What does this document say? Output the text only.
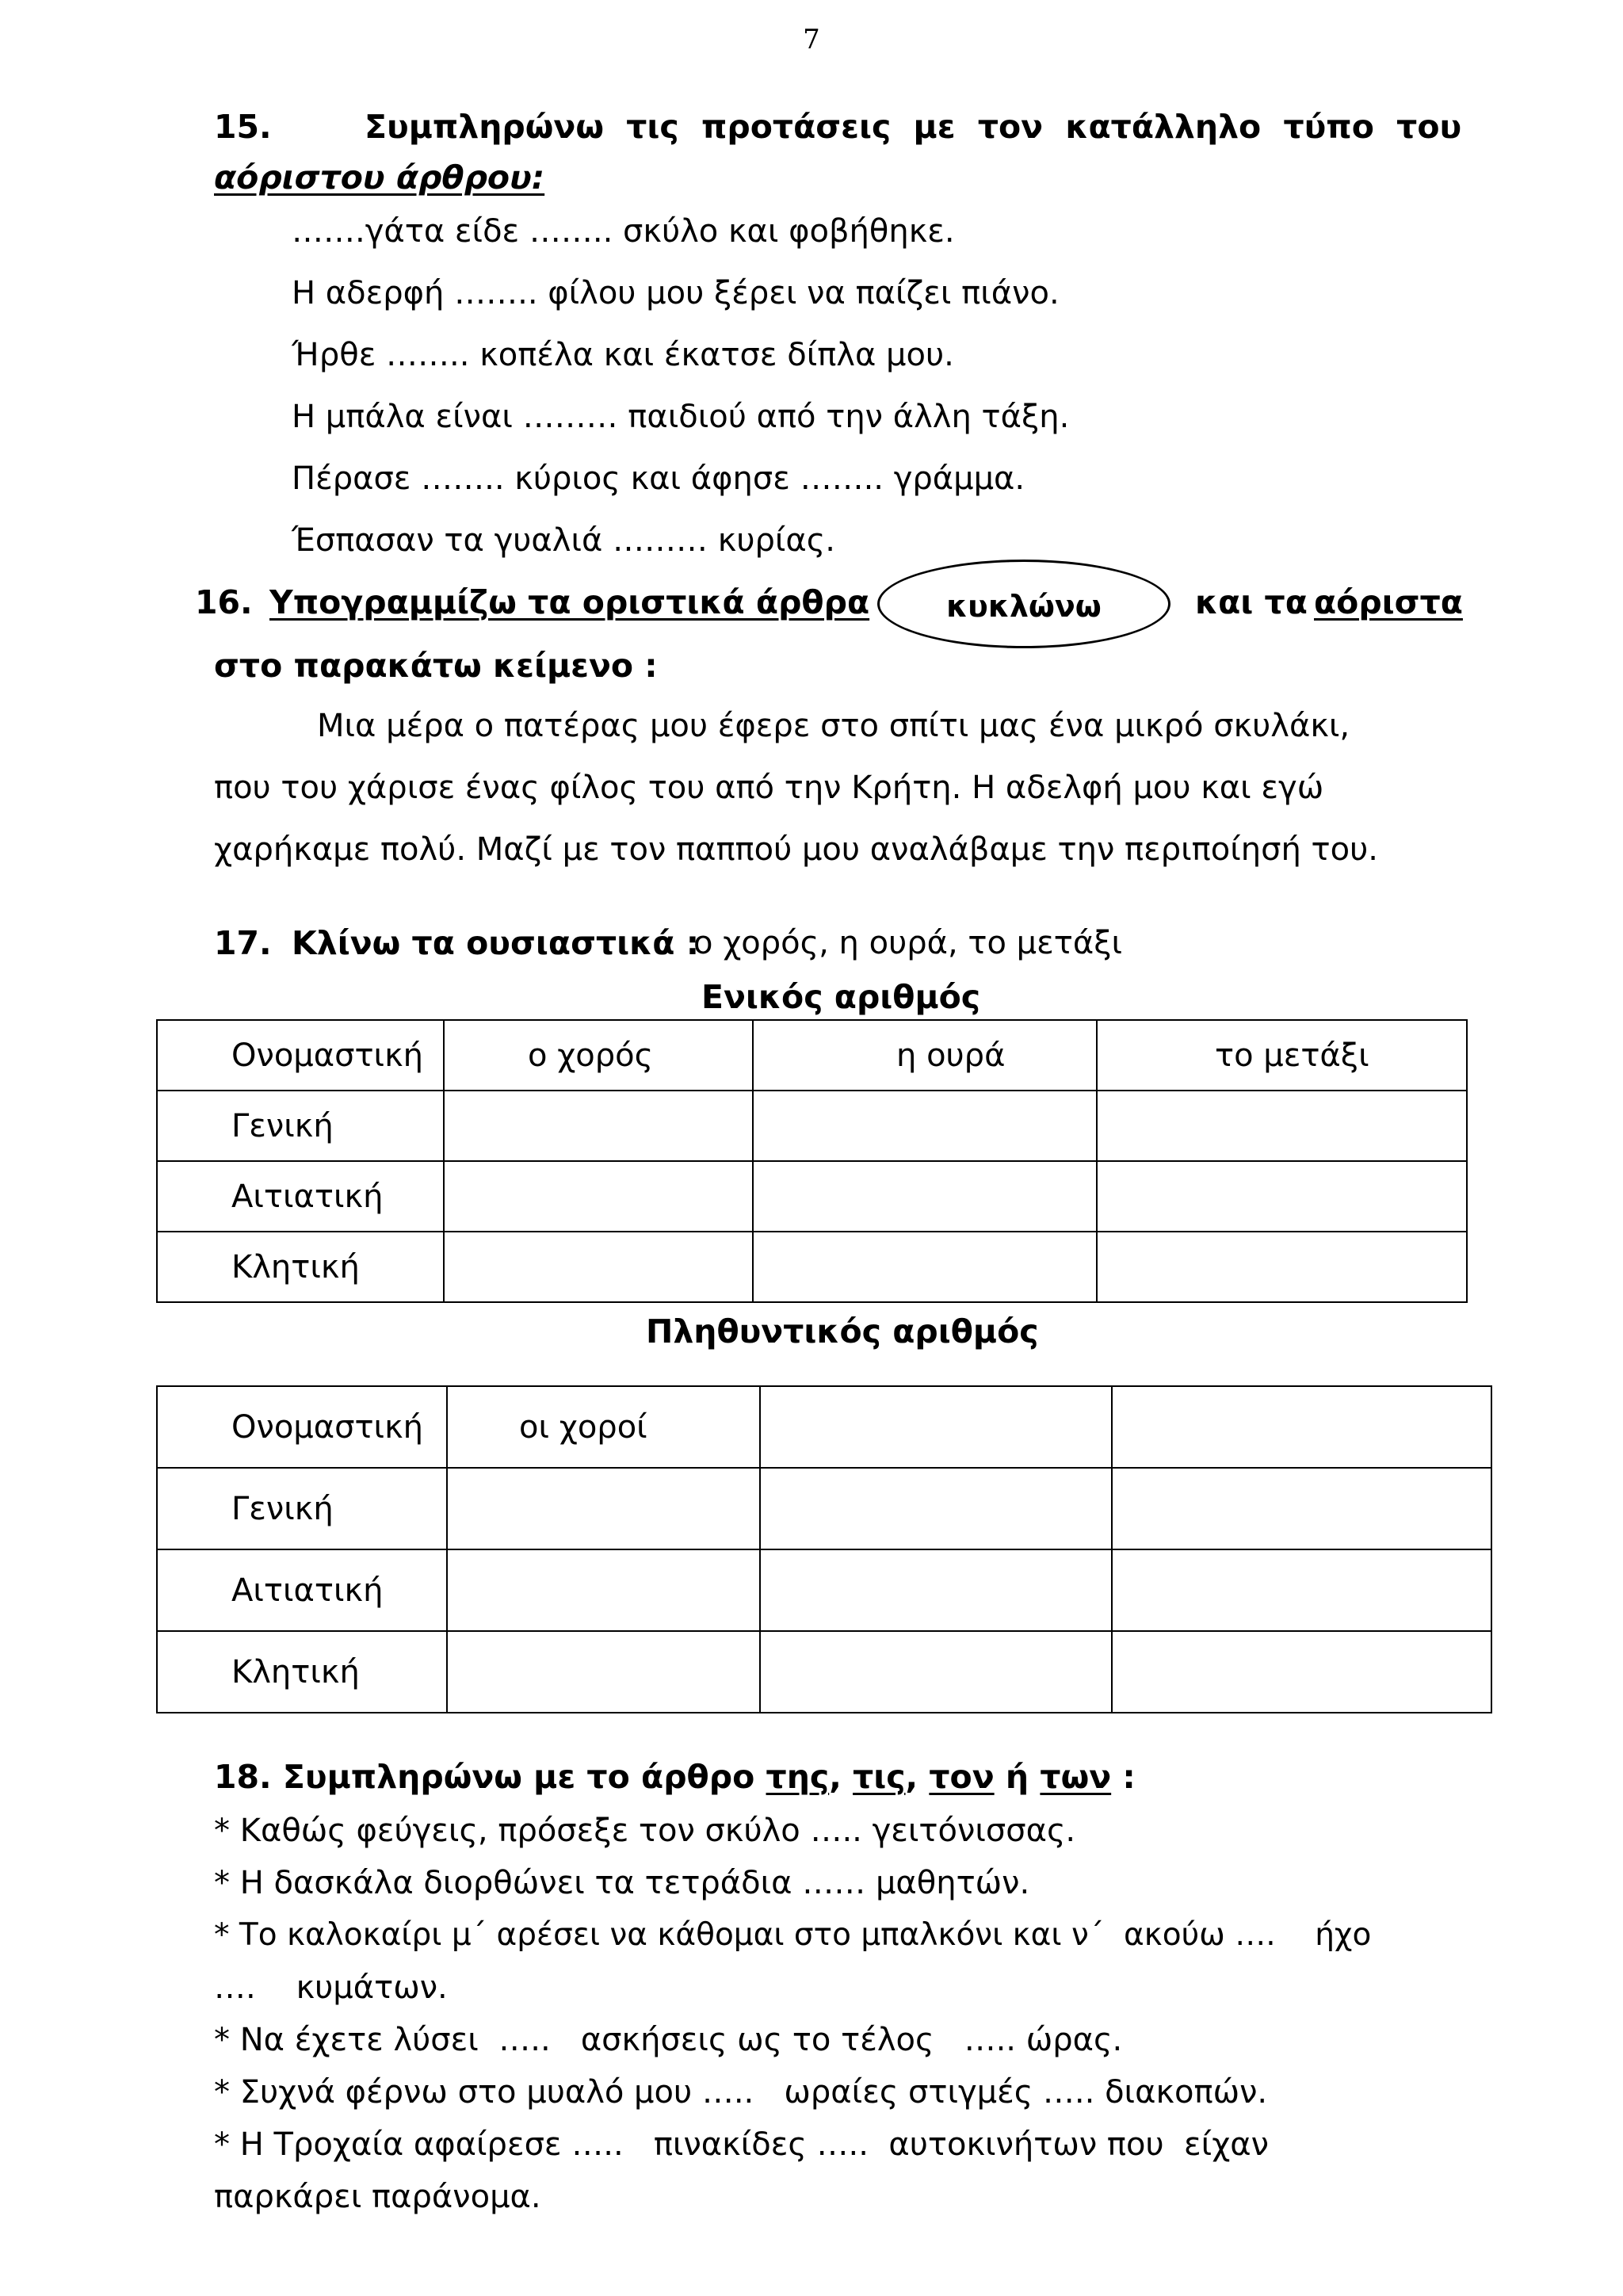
7
15.	Συμπληρώνω τις προτάσεις με τον κατάλληλο τύπο του
αόριστου άρθρου:
…….γάτα είδε …….. σκύλο και φοβήθηκε.
Η αδερφή …….. φίλου μου ξέρει να παίζει πιάνο.
Ήρθε …….. κοπέλα και έκατσε δίπλα μου.
Η μπάλα είναι ……… παιδιού από την άλλη τάξη.
Πέρασε …….. κύριος και άφησε …….. γράμμα.
Έσπασαν τα γυαλιά ……… κυρίας.
16. Υπογραμμίζω τα οριστικά άρθρα	κυκλώνω	και τα αόριστα
στο παρακάτω κείμενο :
Μια μέρα ο πατέρας μου έφερε στο σπίτι μας ένα μικρό σκυλάκι,
που του χάρισε ένας φίλος του από την Κρήτη. Η αδελφή μου και εγώ
χαρήκαμε πολύ. Μαζί με τον παππού μου αναλάβαμε την περιποίησή του.
17. Κλίνω τα ουσιαστικά :
ο χορός, η ουρά, το μετάξι
Ενικός αριθμός
Ονομαστική	ο χορός	η ουρά	το μετάξι
Γενική			
Αιτιατική			
Κλητική			
Πληθυντικός αριθμός
Ονομαστική	οι χοροί		
Γενική			
Αιτιατική			
Κλητική			
18. Συμπληρώνω με το άρθρο της, τις, τον ή των :
* Καθώς φεύγεις, πρόσεξε τον σκύλο ….. γειτόνισσας.
* Η δασκάλα διορθώνει τα τετράδια …… μαθητών.
* Το καλοκαίρι μ΄ αρέσει να κάθομαι στο μπαλκόνι και ν΄  ακούω ….    ήχο
….    κυμάτων.
* Να έχετε λύσει  …..   ασκήσεις ως το τέλος   ….. ώρας.
* Συχνά φέρνω στο μυαλό μου …..   ωραίες στιγμές ….. διακοπών.
* Η Τροχαία αφαίρεσε …..   πινακίδες …..  αυτοκινήτων που  είχαν
παρκάρει παράνομα.
